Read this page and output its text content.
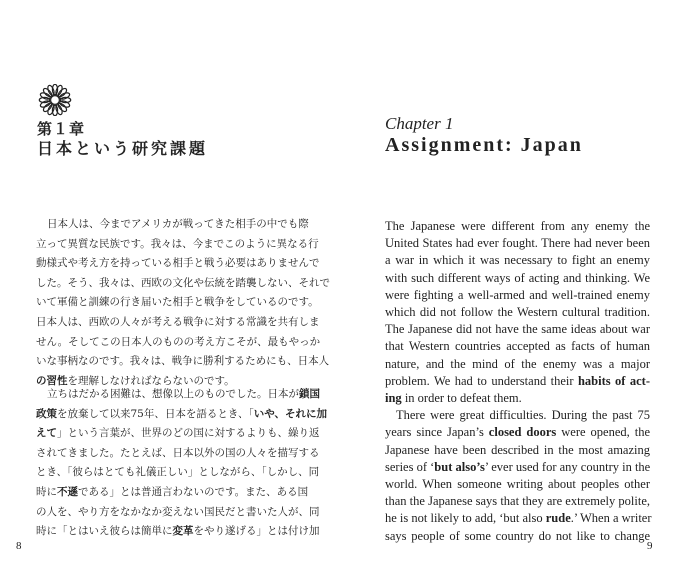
第１章
日本という研究課題
日本人は、今までアメリカが戦ってきた相手の中でも際
立って異質な民族です。我々は、今までこのように異なる行
動様式や考え方を持っている相手と戦う必要はありませんで
した。そう、我々は、西欧の文化や伝統を踏襲しない、それで
いて軍備と訓練の行き届いた相手と戦争をしているのです。
日本人は、西欧の人々が考える戦争に対する常識を共有しま
せん。そしてこの日本人のものの考え方こそが、最もやっか
いな事柄なのです。我々は、戦争に勝利するためにも、日本人
の習性を理解しなければならないのです。
立ちはだかる困難は、想像以上のものでした。日本が鎖国
政策を放棄して以来75年、日本を語るとき、「いや、それに加
えて」という言葉が、世界のどの国に対するよりも、繰り返
されてきました。たとえば、日本以外の国の人々を描写する
とき、「彼らはとても礼儀正しい」としながら、「しかし、同
時に不遜である」とは普通言わないのです。また、ある国
の人を、やり方をなかなか変えない国民だと書いた人が、同
時に「とはいえ彼らは簡単に変革をやり遂げる」とは付け加
8
Chapter 1
Assignment: Japan
The Japanese were different from any enemy the
United States had ever fought. There had never been
a war in which it was necessary to fight an enemy
with such different ways of acting and thinking. We
were fighting a well-armed and well-trained enemy
which did not follow the Western cultural tradition.
The Japanese did not have the same ideas about war
that Western countries accepted as facts of human
nature, and the mind of the enemy was a major
problem. We had to understand their habits of act-
ing in order to defeat them.
There were great difficulties. During the past 75
years since Japan’s closed doors were opened, the
Japanese have been described in the most amazing
series of ‘but also’s’ ever used for any country in the
world. When someone writing about peoples other
than the Japanese says that they are extremely polite,
he is not likely to add, ‘but also rude.’ When a writer
says people of some country do not like to change
9
